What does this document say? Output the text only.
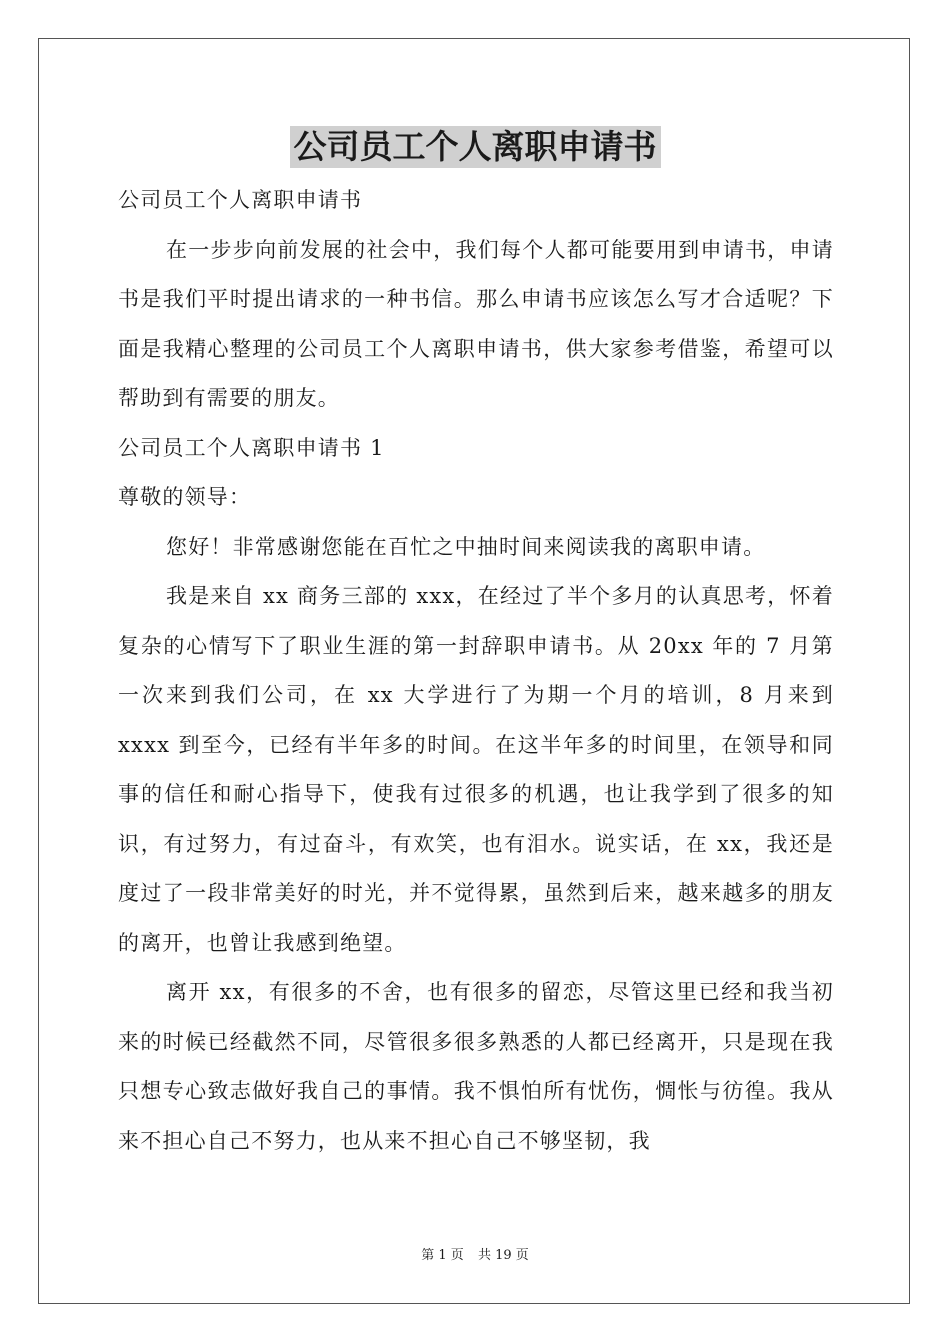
公司员工个人离职申请书

公司员工个人离职申请书

在一步步向前发展的社会中，我们每个人都可能要用到申请书，申请书是我们平时提出请求的一种书信。那么申请书应该怎么写才合适呢？下面是我精心整理的公司员工个人离职申请书，供大家参考借鉴，希望可以帮助到有需要的朋友。

公司员工个人离职申请书 1

尊敬的领导：

您好！非常感谢您能在百忙之中抽时间来阅读我的离职申请。

我是来自 xx 商务三部的 xxx，在经过了半个多月的认真思考，怀着复杂的心情写下了职业生涯的第一封辞职申请书。从 20xx 年的 7 月第一次来到我们公司，在 xx 大学进行了为期一个月的培训，8 月来到 xxxx 到至今，已经有半年多的时间。在这半年多的时间里，在领导和同事的信任和耐心指导下，使我有过很多的机遇，也让我学到了很多的知识，有过努力，有过奋斗，有欢笑，也有泪水。说实话，在 xx，我还是度过了一段非常美好的时光，并不觉得累，虽然到后来，越来越多的朋友的离开，也曾让我感到绝望。

离开 xx，有很多的不舍，也有很多的留恋，尽管这里已经和我当初来的时候已经截然不同，尽管很多很多熟悉的人都已经离开，只是现在我只想专心致志做好我自己的事情。我不惧怕所有忧伤，惆怅与彷徨。我从来不担心自己不努力，也从来不担心自己不够坚韧，我

第 1 页 共 19 页
